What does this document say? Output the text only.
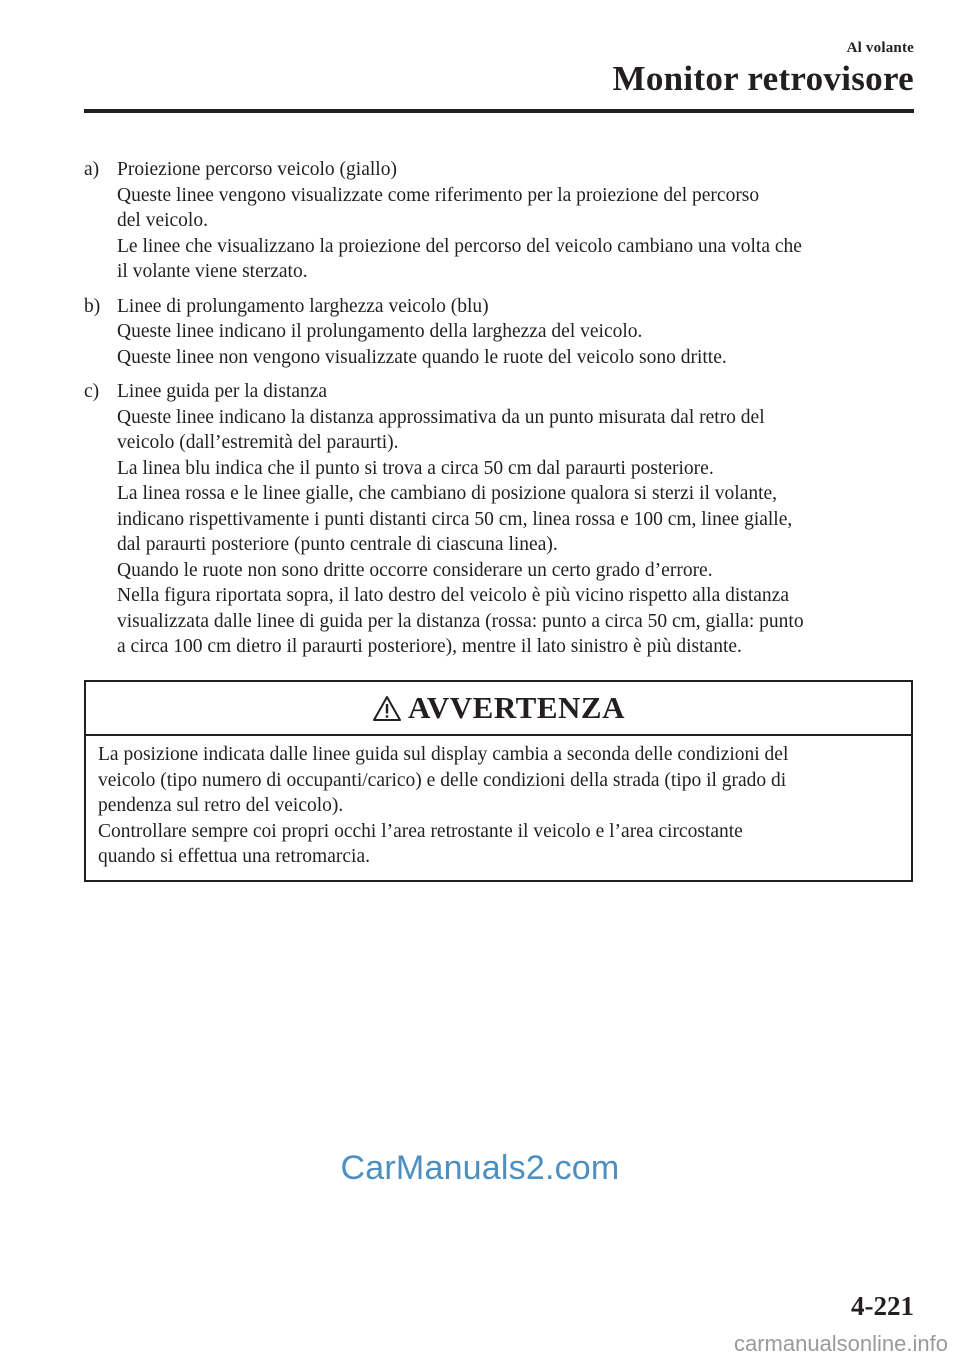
Al volante
Monitor retrovisore
a) Proiezione percorso veicolo (giallo)
Queste linee vengono visualizzate come riferimento per la proiezione del percorso
del veicolo.
Le linee che visualizzano la proiezione del percorso del veicolo cambiano una volta che
il volante viene sterzato.
b) Linee di prolungamento larghezza veicolo (blu)
Queste linee indicano il prolungamento della larghezza del veicolo.
Queste linee non vengono visualizzate quando le ruote del veicolo sono dritte.
c) Linee guida per la distanza
Queste linee indicano la distanza approssimativa da un punto misurata dal retro del
veicolo (dall’estremità del paraurti).
La linea blu indica che il punto si trova a circa 50 cm dal paraurti posteriore.
La linea rossa e le linee gialle, che cambiano di posizione qualora si sterzi il volante,
indicano rispettivamente i punti distanti circa 50 cm, linea rossa e 100 cm, linee gialle,
dal paraurti posteriore (punto centrale di ciascuna linea).
Quando le ruote non sono dritte occorre considerare un certo grado d’errore.
Nella figura riportata sopra, il lato destro del veicolo è più vicino rispetto alla distanza
visualizzata dalle linee di guida per la distanza (rossa: punto a circa 50 cm, gialla: punto
a circa 100 cm dietro il paraurti posteriore), mentre il lato sinistro è più distante.
AVVERTENZA
La posizione indicata dalle linee guida sul display cambia a seconda delle condizioni del
veicolo (tipo numero di occupanti/carico) e delle condizioni della strada (tipo il grado di
pendenza sul retro del veicolo).
Controllare sempre coi propri occhi l’area retrostante il veicolo e l’area circostante
quando si effettua una retromarcia.
CarManuals2.com
4-221
carmanualsonline.info
